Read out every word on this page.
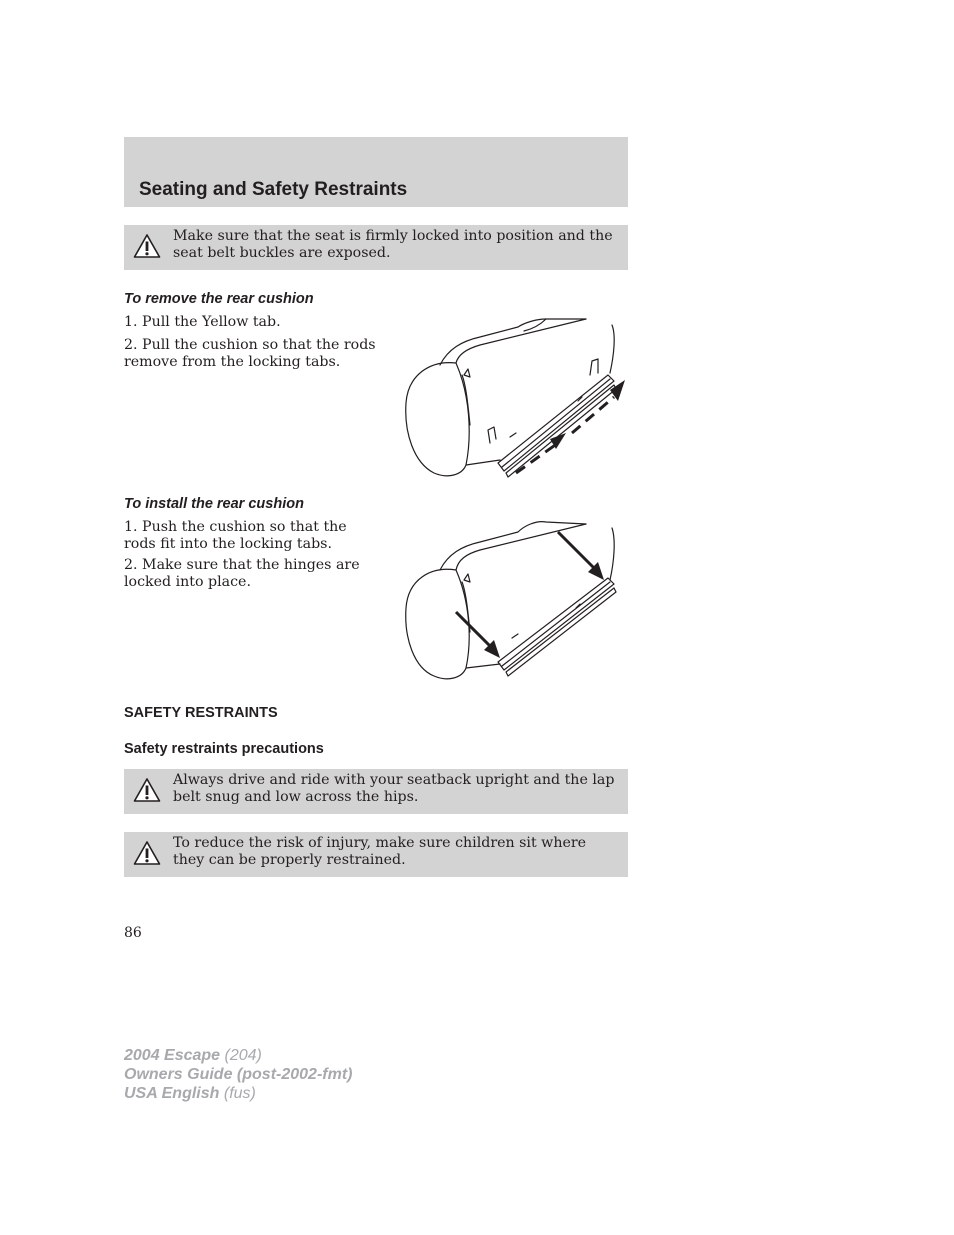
Seating and Safety Restraints
Make sure that the seat is firmly locked into position and the seat belt buckles are exposed.
To remove the rear cushion
1. Pull the Yellow tab.
2. Pull the cushion so that the rods remove from the locking tabs.
To install the rear cushion
1. Push the cushion so that the rods fit into the locking tabs.
2. Make sure that the hinges are locked into place.
SAFETY RESTRAINTS
Safety restraints precautions
Always drive and ride with your seatback upright and the lap belt snug and low across the hips.
To reduce the risk of injury, make sure children sit where they can be properly restrained.
86
2004 Escape (204)
Owners Guide (post-2002-fmt)
USA English (fus)
